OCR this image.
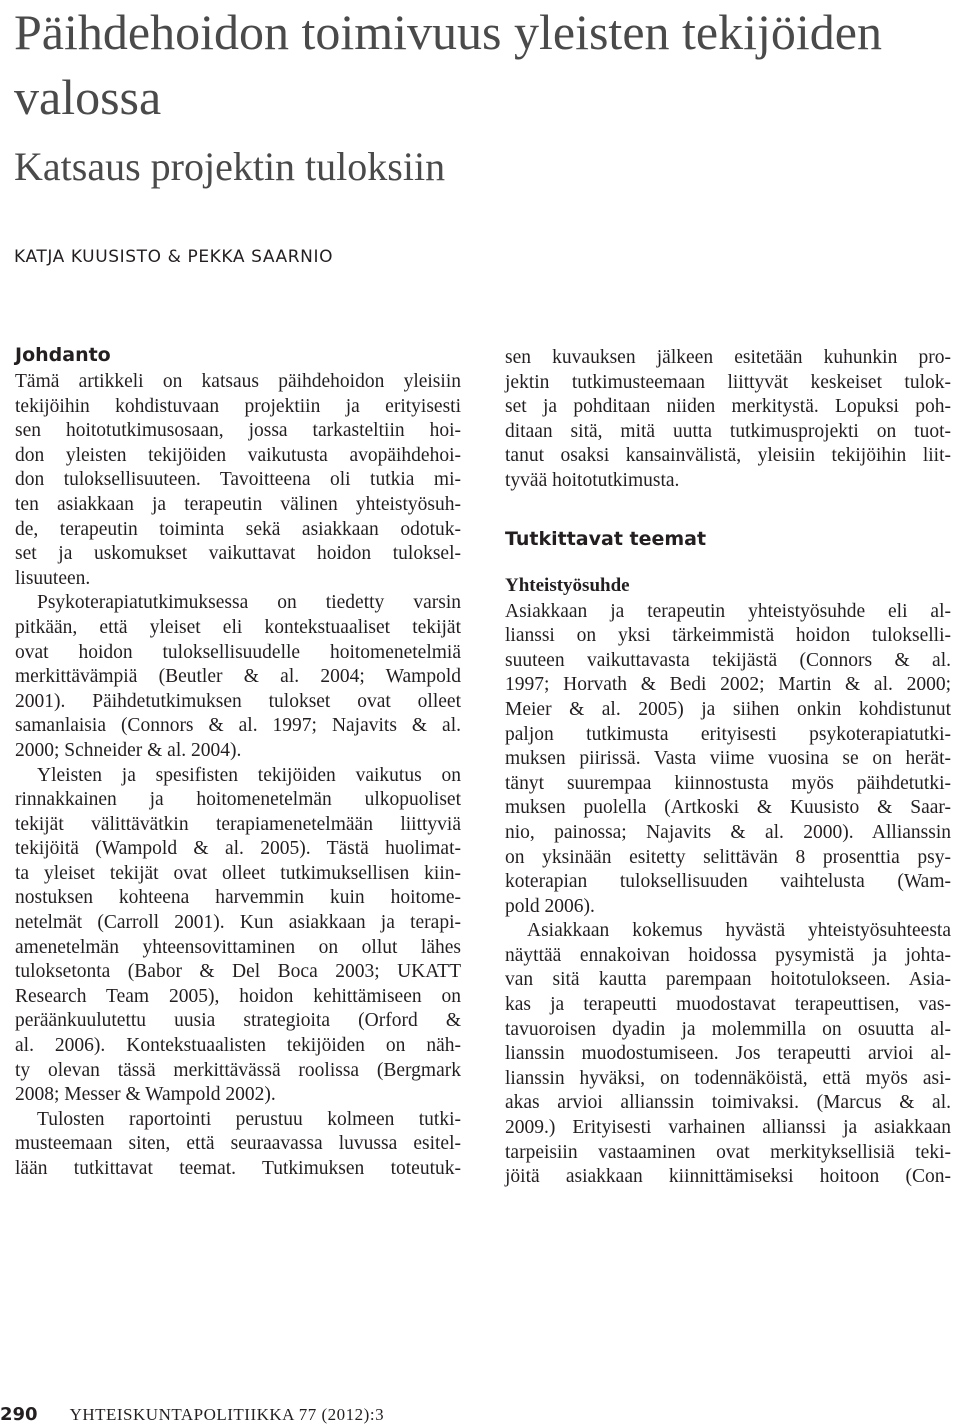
Päihdehoidon toimivuus yleisten tekijöiden valossa
Katsaus projektin tuloksiin
KATJA KUUSISTO & PEKKA SAARNIO
Johdanto
Tämä artikkeli on katsaus päihdehoidon yleisiin
tekijöihin kohdistuvaan projektiin ja erityisesti
sen hoitotutkimusosaan, jossa tarkasteltiin hoi-
don yleisten tekijöiden vaikutusta avopäihdehoi-
don tuloksellisuuteen. Tavoitteena oli tutkia mi-
ten asiakkaan ja terapeutin välinen yhteistyösuh-
de, terapeutin toiminta sekä asiakkaan odotuk-
set ja uskomukset vaikuttavat hoidon tuloksel-
lisuuteen.
Psykoterapiatutkimuksessa on tiedetty varsin
pitkään, että yleiset eli kontekstuaaliset tekijät
ovat hoidon tuloksellisuudelle hoitomenetelmiä
merkittävämpiä (Beutler & al. 2004; Wampold
2001). Päihdetutkimuksen tulokset ovat olleet
samanlaisia (Connors & al. 1997; Najavits & al.
2000; Schneider & al. 2004).
Yleisten ja spesifisten tekijöiden vaikutus on
rinnakkainen ja hoitomenetelmän ulkopuoliset
tekijät välittävätkin terapiamenetelmään liittyviä
tekijöitä (Wampold & al. 2005). Tästä huolimat-
ta yleiset tekijät ovat olleet tutkimuksellisen kiin-
nostuksen kohteena harvemmin kuin hoitome-
netelmät (Carroll 2001). Kun asiakkaan ja terapi-
amenetelmän yhteensovittaminen on ollut lähes
tuloksetonta (Babor & Del Boca 2003; UKATT
Research Team 2005), hoidon kehittämiseen on
peräänkuulutettu uusia strategioita (Orford &
al. 2006). Kontekstuaalisten tekijöiden on näh-
ty olevan tässä merkittävässä roolissa (Bergmark
2008; Messer & Wampold 2002).
Tulosten raportointi perustuu kolmeen tutki-
musteemaan siten, että seuraavassa luvussa esitel-
lään tutkittavat teemat. Tutkimuksen toteutuk-
sen kuvauksen jälkeen esitetään kuhunkin pro-
jektin tutkimusteemaan liittyvät keskeiset tulok-
set ja pohditaan niiden merkitystä. Lopuksi poh-
ditaan sitä, mitä uutta tutkimusprojekti on tuot-
tanut osaksi kansainvälistä, yleisiin tekijöihin liit-
tyvää hoitotutkimusta.
Tutkittavat teemat
Yhteistyösuhde
Asiakkaan ja terapeutin yhteistyösuhde eli al-
lianssi on yksi tärkeimmistä hoidon tulokselli-
suuteen vaikuttavasta tekijästä (Connors & al.
1997; Horvath & Bedi 2002; Martin & al. 2000;
Meier & al. 2005) ja siihen onkin kohdistunut
paljon tutkimusta erityisesti psykoterapiatutki-
muksen piirissä. Vasta viime vuosina se on herät-
tänyt suurempaa kiinnostusta myös päihdetutki-
muksen puolella (Artkoski & Kuusisto & Saar-
nio, painossa; Najavits & al. 2000). Allianssin
on yksinään esitetty selittävän 8 prosenttia psy-
koterapian tuloksellisuuden vaihtelusta (Wam-
pold 2006).
Asiakkaan kokemus hyvästä yhteistyösuhteesta
näyttää ennakoivan hoidossa pysymistä ja johta-
van sitä kautta parempaan hoitotulokseen. Asia-
kas ja terapeutti muodostavat terapeuttisen, vas-
tavuoroisen dyadin ja molemmilla on osuutta al-
lianssin muodostumiseen. Jos terapeutti arvioi al-
lianssin hyväksi, on todennäköistä, että myös asi-
akas arvioi allianssin toimivaksi. (Marcus & al.
2009.) Erityisesti varhainen allianssi ja asiakkaan
tarpeisiin vastaaminen ovat merkityksellisiä teki-
jöitä asiakkaan kiinnittämiseksi hoitoon (Con-
290 YHTEISKUNTAPOLITIIKKA 77 (2012):3
